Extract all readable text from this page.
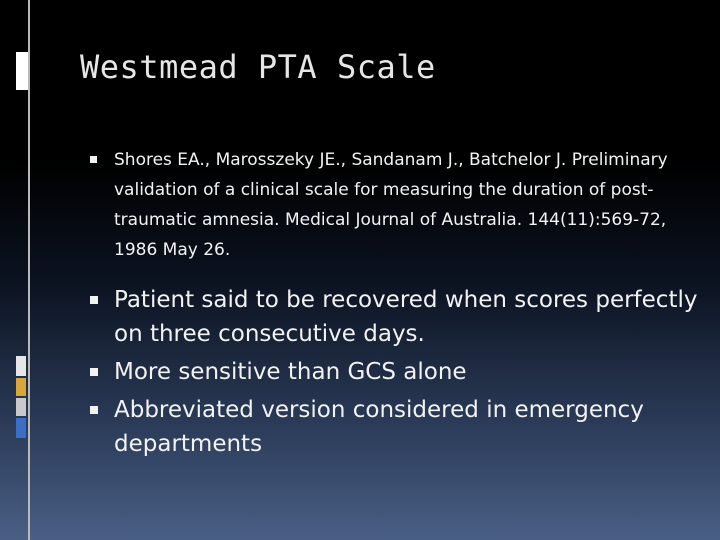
Westmead PTA Scale
Shores EA., Marosszeky JE., Sandanam J., Batchelor J. Preliminary validation of a clinical scale for measuring the duration of post-traumatic amnesia. Medical Journal of Australia. 144(11):569-72, 1986 May 26.
Patient said to be recovered when scores perfectly on three consecutive days.
More sensitive than GCS alone
Abbreviated version considered in emergency departments
